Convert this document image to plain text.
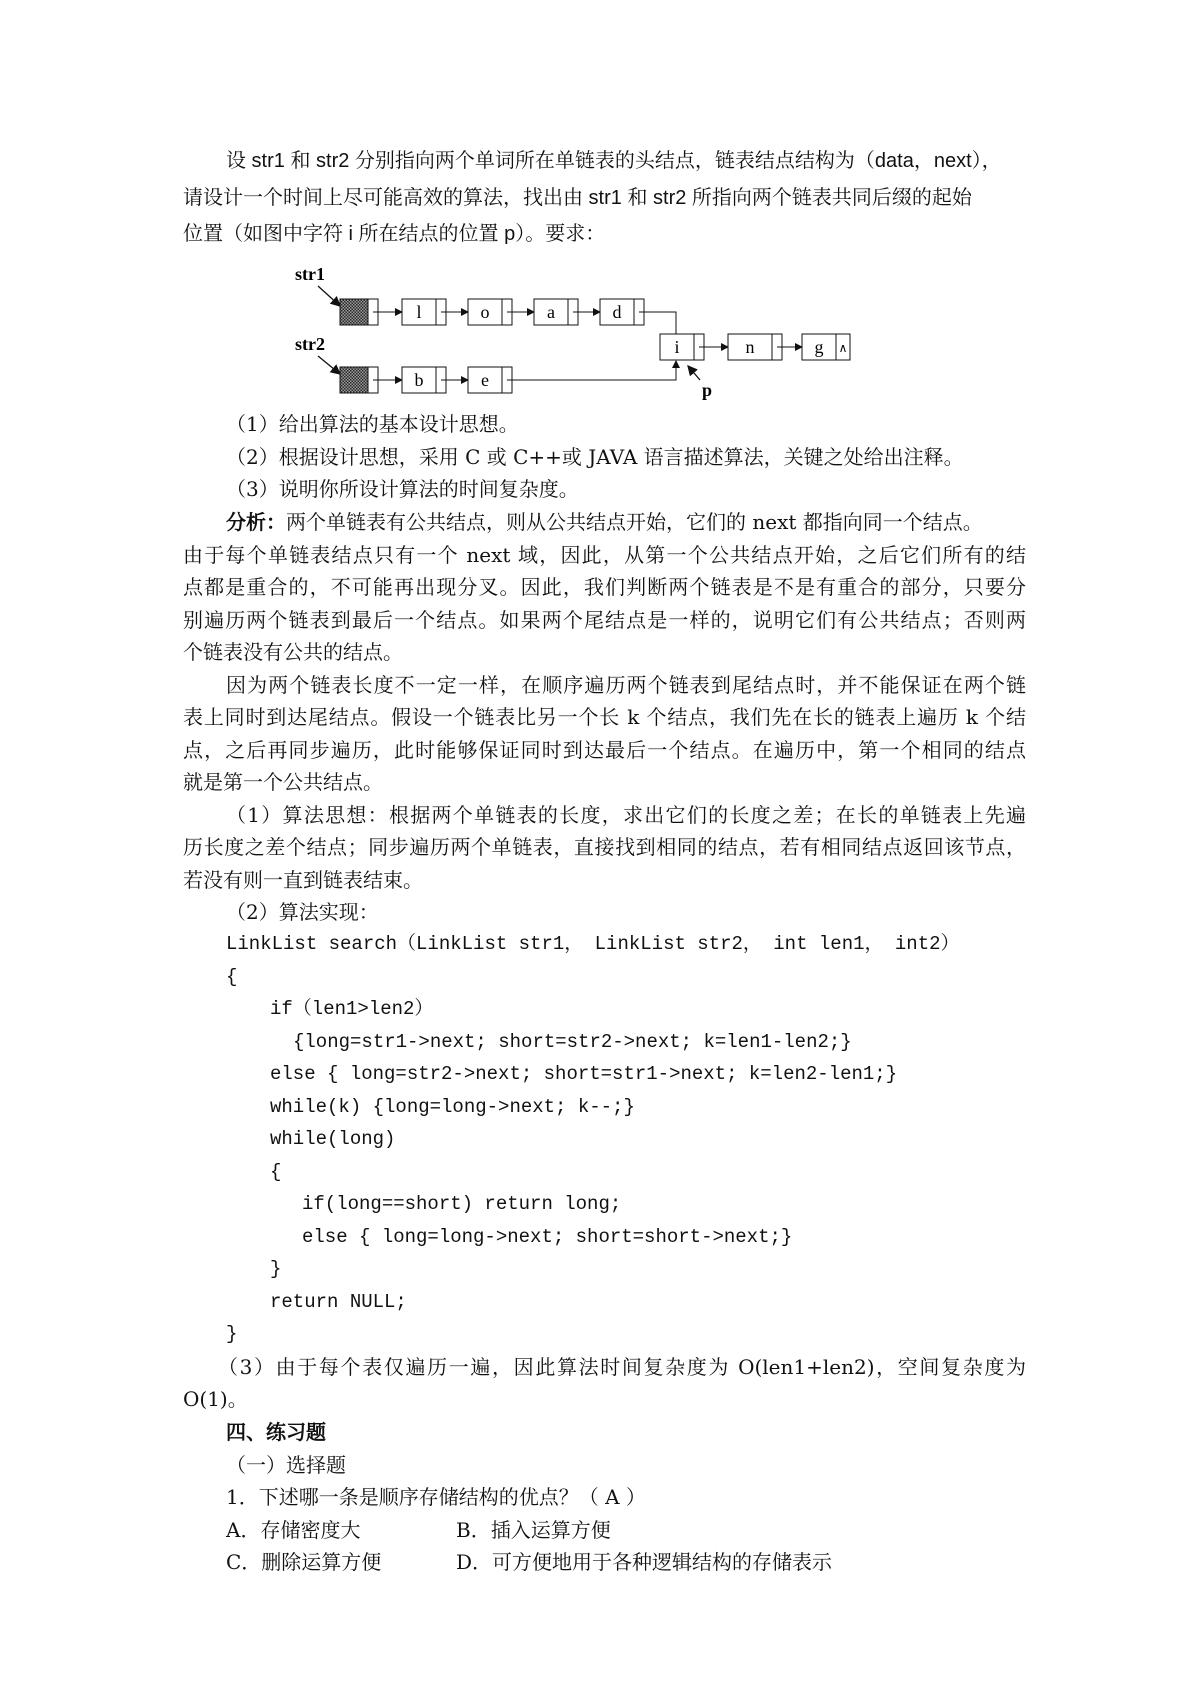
设 str1 和 str2 分别指向两个单词所在单链表的头结点，链表结点结构为（data，next），
请设计一个时间上尽可能高效的算法，找出由 str1 和 str2 所指向两个链表共同后缀的起始
位置（如图中字符 i 所在结点的位置 p）。要求：
str1
l	o	a	d
str2
b	e
i	n	g ∧
p
（1）给出算法的基本设计思想。
（2）根据设计思想，采用 C 或 C++或 JAVA 语言描述算法，关键之处给出注释。
（3）说明你所设计算法的时间复杂度。
分析：两个单链表有公共结点，则从公共结点开始，它们的 next 都指向同一个结点。
由于每个单链表结点只有一个 next 域，因此，从第一个公共结点开始，之后它们所有的结
点都是重合的，不可能再出现分叉。因此，我们判断两个链表是不是有重合的部分，只要分
别遍历两个链表到最后一个结点。如果两个尾结点是一样的，说明它们有公共结点；否则两
个链表没有公共的结点。
因为两个链表长度不一定一样，在顺序遍历两个链表到尾结点时，并不能保证在两个链
表上同时到达尾结点。假设一个链表比另一个长 k 个结点，我们先在长的链表上遍历 k 个结
点，之后再同步遍历，此时能够保证同时到达最后一个结点。在遍历中，第一个相同的结点
就是第一个公共结点。
（1）算法思想：根据两个单链表的长度，求出它们的长度之差；在长的单链表上先遍
历长度之差个结点；同步遍历两个单链表，直接找到相同的结点，若有相同结点返回该节点，
若没有则一直到链表结束。
（2）算法实现：
LinkList search（LinkList str1， LinkList str2， int len1， int2）
{
if（len1>len2）
{long=str1->next; short=str2->next; k=len1-len2;}
else { long=str2->next; short=str1->next; k=len2-len1;}
while(k) {long=long->next; k--;}
while(long)
{
if(long==short) return long;
else { long=long->next; short=short->next;}
}
return NULL;
}
（3）由于每个表仅遍历一遍，因此算法时间复杂度为 O(len1+len2)，空间复杂度为
O(1)。
四、练习题
（一）选择题
1．下述哪一条是顺序存储结构的优点？（ A ）
A．存储密度大	B．插入运算方便
C．删除运算方便	D．可方便地用于各种逻辑结构的存储表示
